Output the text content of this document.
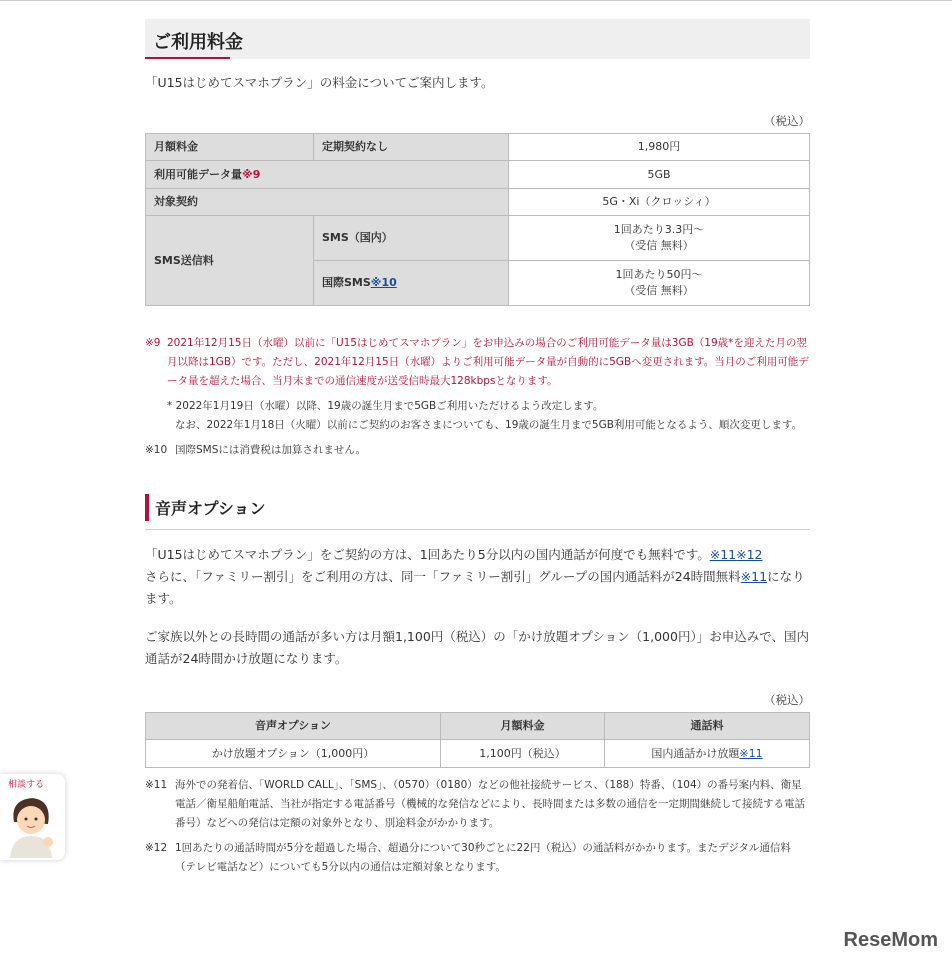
ご利用料金

「U15はじめてスマホプラン」の料金についてご案内します。

（税込）

月額料金	定期契約なし	1,980円
利用可能データ量※9		5GB
対象契約		5G・Xi（クロッシィ）
SMS送信料	SMS（国内）	1回あたり3.3円～
（受信 無料）

	国際SMS※10	1回あたり50円～
（受信 無料）
※9 2021年12月15日（水曜）以前に「U15はじめてスマホプラン」をお申込みの場合のご利用可能データ量は3GB（19歳*を迎えた月の翌月以降は1GB）です。ただし、2021年12月15日（水曜）よりご利用可能データ量が自動的に5GBへ変更されます。当月のご利用可能データ量を超えた場合、当月末までの通信速度が送受信時最大128kbpsとなります。
* 2022年1月19日（水曜）以降、19歳の誕生月まで5GBご利用いただけるよう改定します。
なお、2022年1月18日（火曜）以前にご契約のお客さまについても、19歳の誕生月まで5GB利用可能となるよう、順次変更します。
※10 国際SMSには消費税は加算されません。
音声オプション

「U15はじめてスマホプラン」をご契約の方は、1回あたり5分以内の国内通話が何度でも無料です。※11※12
さらに、「ファミリー割引」をご利用の方は、同一「ファミリー割引」グループの国内通話料が24時間無料※11になります。

ご家族以外との長時間の通話が多い方は月額1,100円（税込）の「かけ放題オプション（1,000円）」お申込みで、国内通話が24時間かけ放題になります。

（税込）

音声オプション	月額料金	通話料
かけ放題オプション（1,000円）	1,100円（税込）	国内通話かけ放題※11
※11 海外での発着信、「WORLD CALL」、「SMS」、（0570）（0180）などの他社接続サービス、（188）特番、（104）の番号案内料、衛星電話／衛星船舶電話、当社が指定する電話番号（機械的な発信などにより、長時間または多数の通信を一定期間継続して接続する電話番号）などへの発信は定額の対象外となり、別途料金がかかります。
※12 1回あたりの通話時間が5分を超過した場合、超過分について30秒ごとに22円（税込）の通話料がかかります。またデジタル通信料（テレビ電話など）についても5分以内の通信は定額対象となります。
相談する
ReseMom
